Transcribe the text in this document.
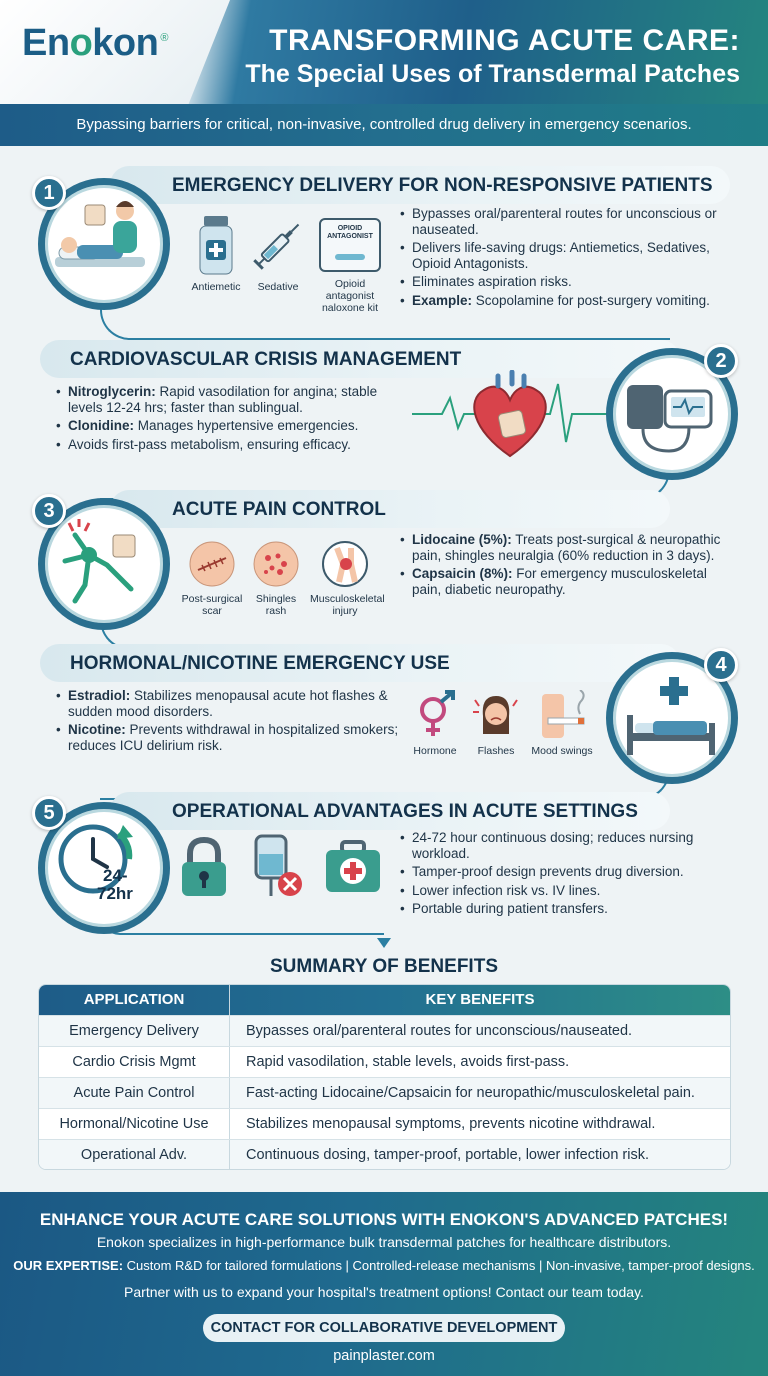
Enokon ®	TRANSFORMING ACUTE CARE:
The Special Uses of Transdermal Patches
Bypassing barriers for critical, non-invasive, controlled drug delivery in emergency scenarios.
EMERGENCY DELIVERY FOR NON-RESPONSIVE PATIENTS
1
Antiemetic	Sedative
OPIOID ANTAGONIST
Opioid antagonist naloxone kit
• Bypasses oral/parenteral routes for unconscious or nauseated.
• Delivers life-saving drugs: Antiemetics, Sedatives, Opioid Antagonists.
• Eliminates aspiration risks.
• Example: Scopolamine for post-surgery vomiting.
CARDIOVASCULAR CRISIS MANAGEMENT
• Nitroglycerin: Rapid vasodilation for angina; stable levels 12-24 hrs; faster than sublingual.
• Clonidine: Manages hypertensive emergencies.
• Avoids first-pass metabolism, ensuring efficacy.
2
ACUTE PAIN CONTROL
3
Post-surgical scar
Shingles rash
Musculoskeletal injury
• Lidocaine (5%): Treats post-surgical & neuropathic pain, shingles neuralgia (60% reduction in 3 days).
• Capsaicin (8%): For emergency musculoskeletal pain, diabetic neuropathy.
HORMONAL/NICOTINE EMERGENCY USE
• Estradiol: Stabilizes menopausal acute hot flashes & sudden mood disorders.
• Nicotine: Prevents withdrawal in hospitalized smokers; reduces ICU delirium risk.	Hormone	Flashes	Mood swings
4
OPERATIONAL ADVANTAGES IN ACUTE SETTINGS
24-
72hr
5
• 24-72 hour continuous dosing; reduces nursing workload.
• Tamper-proof design prevents drug diversion.
• Lower infection risk vs. IV lines.
• Portable during patient transfers.
SUMMARY OF BENEFITS
APPLICATION	KEY BENEFITS
Emergency Delivery	Bypasses oral/parenteral routes for unconscious/nauseated.
Cardio Crisis Mgmt	Rapid vasodilation, stable levels, avoids first-pass.
Acute Pain Control	Fast-acting Lidocaine/Capsaicin for neuropathic/musculoskeletal pain.
Hormonal/Nicotine Use	Stabilizes menopausal symptoms, prevents nicotine withdrawal.
Operational Adv.	Continuous dosing, tamper-proof, portable, lower infection risk.
ENHANCE YOUR ACUTE CARE SOLUTIONS WITH ENOKON'S ADVANCED PATCHES!
Enokon specializes in high-performance bulk transdermal patches for healthcare distributors.
OUR EXPERTISE: Custom R&D for tailored formulations | Controlled-release mechanisms | Non-invasive, tamper-proof designs.
Partner with us to expand your hospital's treatment options! Contact our team today.
CONTACT FOR COLLABORATIVE DEVELOPMENT
painplaster.com
